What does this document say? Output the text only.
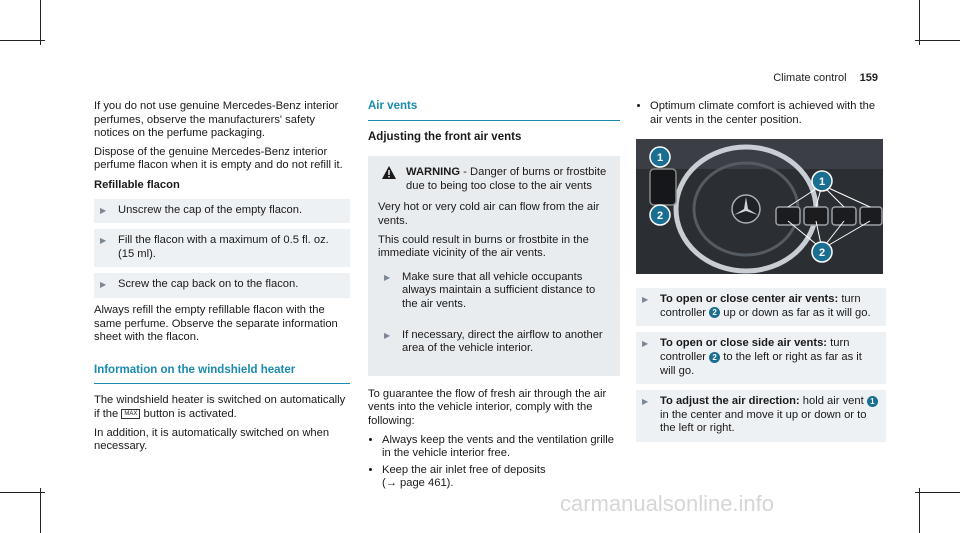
Climate control 159

If you do not use genuine Mercedes-Benz interior perfumes, observe the manufacturers' safety notices on the perfume packaging.

Dispose of the genuine Mercedes-Benz interior perfume flacon when it is empty and do not refill it.

Refillable flacon
▶ Unscrew the cap of the empty flacon.
▶ Fill the flacon with a maximum of 0.5 fl. oz. (15 ml).
▶ Screw the cap back on to the flacon.

Always refill the empty refillable flacon with the same perfume. Observe the separate information sheet with the flacon.

Information on the windshield heater

The windshield heater is switched on automatically if the MAX button is activated.

In addition, it is automatically switched on when necessary.

Air vents
Adjusting the front air vents
WARNING - Danger of burns or frostbite due to being too close to the air vents

Very hot or very cold air can flow from the air vents.

This could result in burns or frostbite in the immediate vicinity of the air vents.

▶ Make sure that all vehicle occupants always maintain a sufficient distance to the air vents.
▶ If necessary, direct the airflow to another area of the vehicle interior.

To guarantee the flow of fresh air through the air vents into the vehicle interior, comply with the following:

• Always keep the vents and the ventilation grille in the vehicle interior free.
• Keep the air inlet free of deposits
(→ page 461).
• Optimum climate comfort is achieved with the air vents in the center position.
1
2
1
2
▶ To open or close center air vents: turn controller 2 up or down as far as it will go.
▶ To open or close side air vents: turn controller 2 to the left or right as far as it will go.
▶ To adjust the air direction: hold air vent 1 in the center and move it up or down or to the left or right.
carmanualsonline.info
